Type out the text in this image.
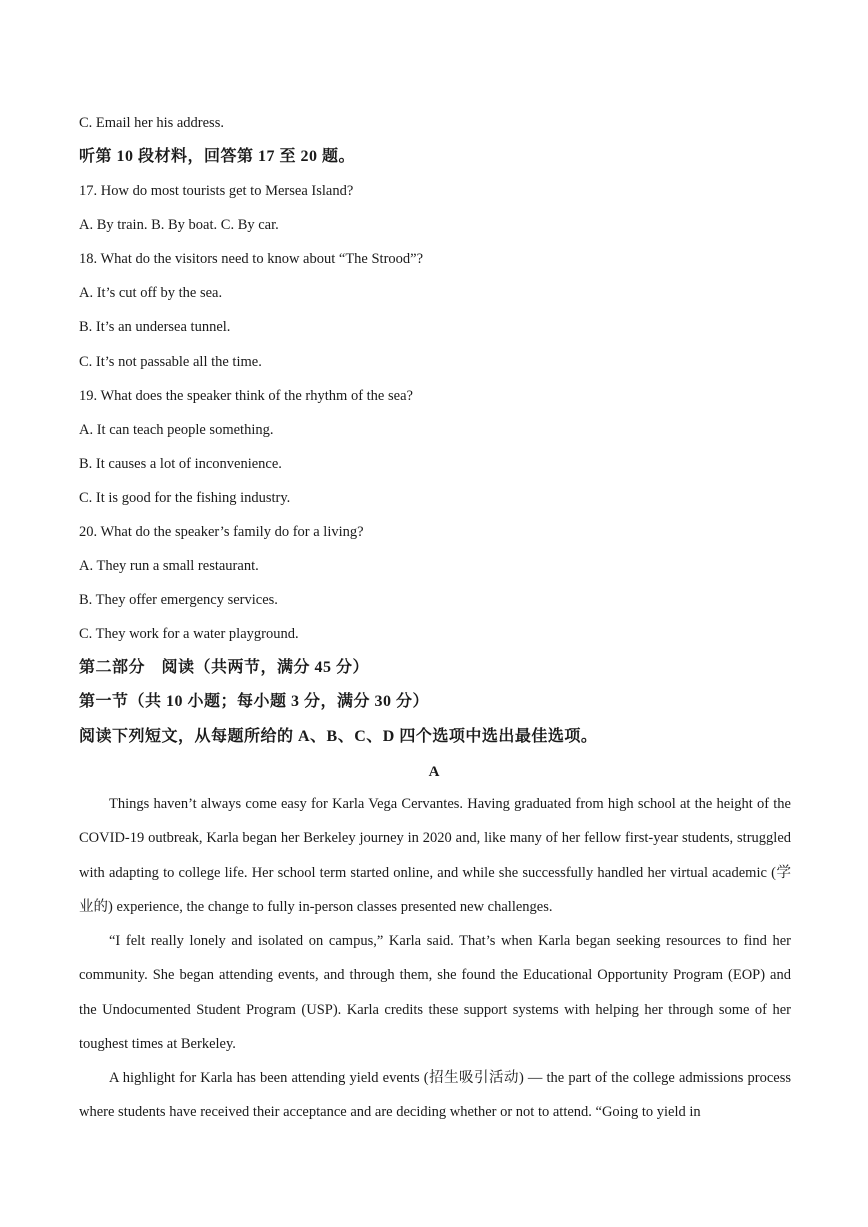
C. Email her his address.
听第 10 段材料，回答第 17 至 20 题。
17. How do most tourists get to Mersea Island?
A. By train. B. By boat. C. By car.
18. What do the visitors need to know about “The Strood”?
A. It’s cut off by the sea.
B. It’s an undersea tunnel.
C. It’s not passable all the time.
19. What does the speaker think of the rhythm of the sea?
A. It can teach people something.
B. It causes a lot of inconvenience.
C. It is good for the fishing industry.
20. What do the speaker’s family do for a living?
A. They run a small restaurant.
B. They offer emergency services.
C. They work for a water playground.
第二部分　阅读（共两节，满分 45 分）
第一节（共 10 小题；每小题 3 分，满分 30 分）
阅读下列短文，从每题所给的 A、B、C、D 四个选项中选出最佳选项。
A
Things haven’t always come easy for Karla Vega Cervantes. Having graduated from high school at the height of the COVID-19 outbreak, Karla began her Berkeley journey in 2020 and, like many of her fellow first-year students, struggled with adapting to college life. Her school term started online, and while she successfully handled her virtual academic (学业的) experience, the change to fully in-person classes presented new challenges.
“I felt really lonely and isolated on campus,” Karla said. That’s when Karla began seeking resources to find her community. She began attending events, and through them, she found the Educational Opportunity Program (EOP) and the Undocumented Student Program (USP). Karla credits these support systems with helping her through some of her toughest times at Berkeley.
A highlight for Karla has been attending yield events (招生吸引活动) — the part of the college admissions process where students have received their acceptance and are deciding whether or not to attend. “Going to yield in
